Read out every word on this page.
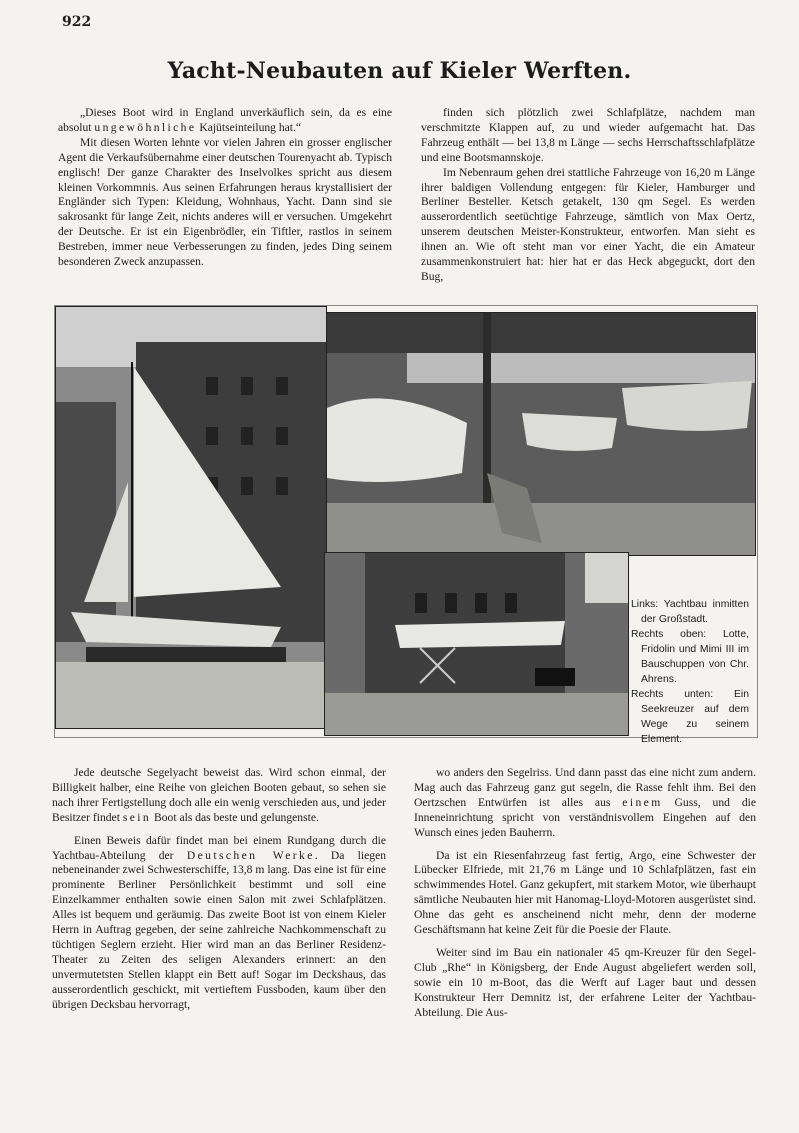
922
Yacht-Neubauten auf Kieler Werften.

„Dieses Boot wird in England unverkäuflich sein, da es eine absolut ungewöhnliche Kajütseinteilung hat.“

Mit diesen Worten lehnte vor vielen Jahren ein grosser englischer Agent die Verkaufsübernahme einer deutschen Tourenyacht ab. Typisch englisch! Der ganze Charakter des Inselvolkes spricht aus diesem kleinen Vorkommnis. Aus seinen Erfahrungen heraus krystallisiert der Engländer sich Typen: Kleidung, Wohnhaus, Yacht. Dann sind sie sakrosankt für lange Zeit, nichts anderes will er versuchen. Umgekehrt der Deutsche. Er ist ein Eigenbrödler, ein Tiftler, rastlos in seinem Bestreben, immer neue Verbesserungen zu finden, jedes Ding seinem besonderen Zweck anzupassen.

finden sich plötzlich zwei Schlafplätze, nachdem man verschmitzte Klappen auf, zu und wieder aufgemacht hat. Das Fahrzeug enthält — bei 13,8 m Länge — sechs Herrschaftsschlafplätze und eine Bootsmannskoje.

Im Nebenraum gehen drei stattliche Fahrzeuge von 16,20 m Länge ihrer baldigen Vollendung entgegen: für Kieler, Hamburger und Berliner Besteller. Ketsch getakelt, 130 qm Segel. Es werden ausserordentlich seetüchtige Fahrzeuge, sämtlich von Max Oertz, unserem deutschen Meister-Konstrukteur, entworfen. Man sieht es ihnen an. Wie oft steht man vor einer Yacht, die ein Amateur zusammenkonstruiert hat: hier hat er das Heck abgeguckt, dort den Bug,

Links: Yachtbau inmitten der Großstadt.

Rechts oben: Lotte, Fridolin und Mimi III im Bauschuppen von Chr. Ahrens.

Rechts unten: Ein Seekreuzer auf dem Wege zu seinem Element.

Jede deutsche Segelyacht beweist das. Wird schon einmal, der Billigkeit halber, eine Reihe von gleichen Booten gebaut, so sehen sie nach ihrer Fertigstellung doch alle ein wenig verschieden aus, und jeder Besitzer findet sein Boot als das beste und gelungenste.

Einen Beweis dafür findet man bei einem Rundgang durch die Yachtbau-Abteilung der Deutschen Werke. Da liegen nebeneinander zwei Schwesterschiffe, 13,8 m lang. Das eine ist für eine prominente Berliner Persönlichkeit bestimmt und soll eine Einzelkammer enthalten sowie einen Salon mit zwei Schlafplätzen. Alles ist bequem und geräumig. Das zweite Boot ist von einem Kieler Herrn in Auftrag gegeben, der seine zahlreiche Nachkommenschaft zu tüchtigen Seglern erzieht. Hier wird man an das Berliner Residenz-Theater zu Zeiten des seligen Alexanders erinnert: an den unvermutetsten Stellen klappt ein Bett auf! Sogar im Deckshaus, das ausserordentlich geschickt, mit vertieftem Fussboden, kaum über den übrigen Decksbau hervorragt,

wo anders den Segelriss. Und dann passt das eine nicht zum andern. Mag auch das Fahrzeug ganz gut segeln, die Rasse fehlt ihm. Bei den Oertzschen Entwürfen ist alles aus einem Guss, und die Inneneinrichtung spricht von verständnisvollem Eingehen auf den Wunsch eines jeden Bauherrn.

Da ist ein Riesenfahrzeug fast fertig, Argo, eine Schwester der Lübecker Elfriede, mit 21,76 m Länge und 10 Schlafplätzen, fast ein schwimmendes Hotel. Ganz gekupfert, mit starkem Motor, wie überhaupt sämtliche Neubauten hier mit Hanomag-Lloyd-Motoren ausgerüstet sind. Ohne das geht es anscheinend nicht mehr, denn der moderne Geschäftsmann hat keine Zeit für die Poesie der Flaute.

Weiter sind im Bau ein nationaler 45 qm-Kreuzer für den Segel-Club „Rhe“ in Königsberg, der Ende August abgeliefert werden soll, sowie ein 10 m-Boot, das die Werft auf Lager baut und dessen Konstrukteur Herr Demnitz ist, der erfahrene Leiter der Yachtbau-Abteilung. Die Aus-
